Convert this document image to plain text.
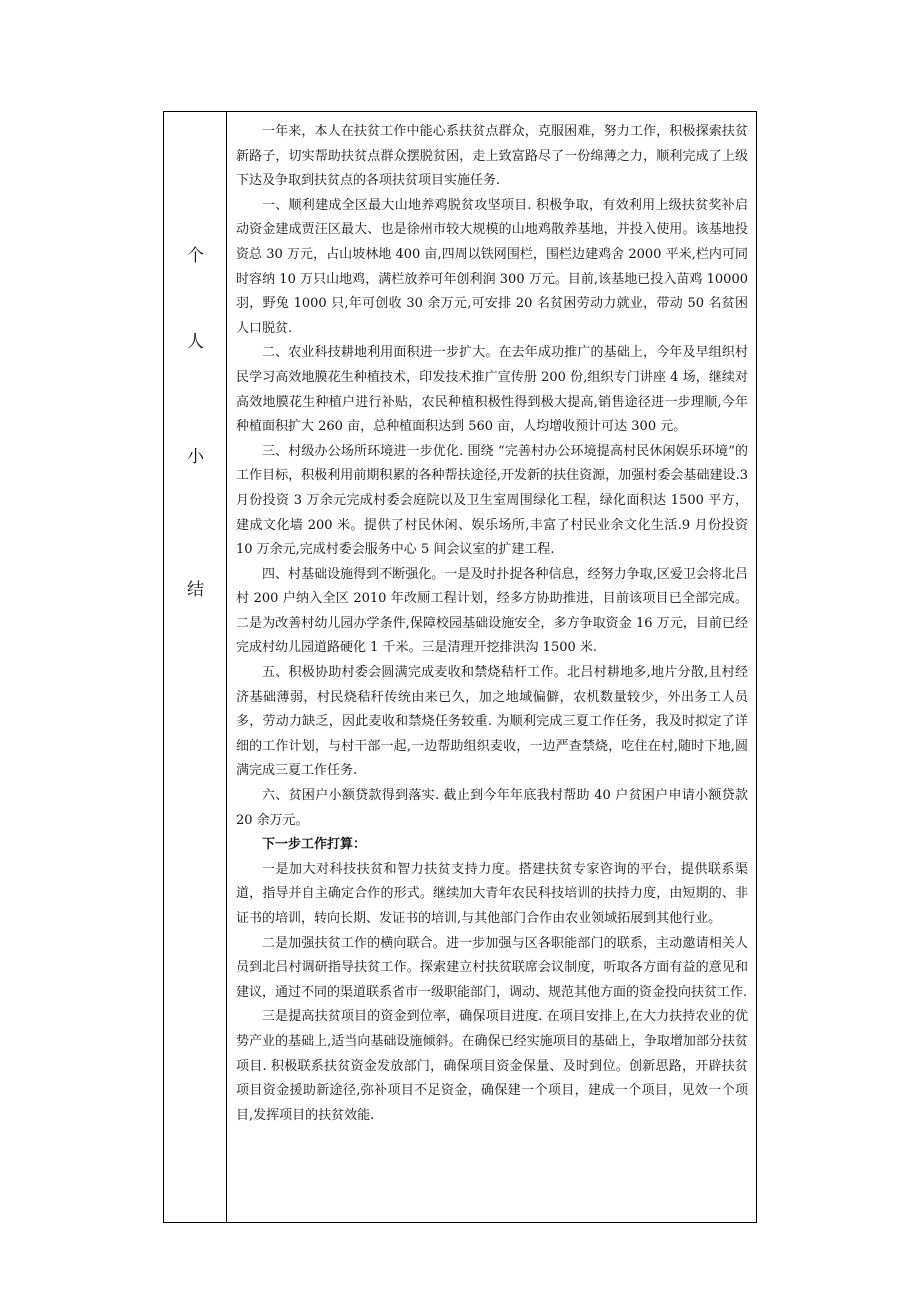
个
人
小
结

一年来，本人在扶贫工作中能心系扶贫点群众，克服困难，努力工作，积极探索扶贫新路子，切实帮助扶贫点群众摆脱贫困，走上致富路尽了一份绵薄之力，顺利完成了上级下达及争取到扶贫点的各项扶贫项目实施任务.

一、顺利建成全区最大山地养鸡脱贫攻坚项目. 积极争取，有效利用上级扶贫奖补启动资金建成贾汪区最大、也是徐州市较大规模的山地鸡散养基地，并投入使用。该基地投资总 30 万元，占山坡林地 400 亩,四周以铁网围栏，围栏边建鸡舍 2000 平米,栏内可同时容纳 10 万只山地鸡，满栏放养可年创利润 300 万元。目前,该基地已投入苗鸡 10000 羽，野兔 1000 只,年可创收 30 余万元,可安排 20 名贫困劳动力就业，带动 50 名贫困人口脱贫.

二、农业科技耕地利用面积进一步扩大。在去年成功推广的基础上，今年及早组织村民学习高效地膜花生种植技术，印发技术推广宣传册 200 份,组织专门讲座 4 场，继续对高效地膜花生种植户进行补贴，农民种植积极性得到极大提高,销售途径进一步理顺,今年种植面积扩大 260 亩，总种植面积达到 560 亩，人均增收预计可达 300 元。

三、村级办公场所环境进一步优化. 围绕 “完善村办公环境提高村民休闲娱乐环境”的工作目标，积极利用前期积累的各种帮扶途径,开发新的扶住资源，加强村委会基础建设.3 月份投资 3 万余元完成村委会庭院以及卫生室周围绿化工程，绿化面积达 1500 平方，建成文化墙 200 米。提供了村民休闲、娱乐场所,丰富了村民业余文化生活.9 月份投资 10 万余元,完成村委会服务中心 5 间会议室的扩建工程.

四、村基础设施得到不断强化。一是及时扑捉各种信息，经努力争取,区爱卫会将北吕村 200 户纳入全区 2010 年改厕工程计划，经多方协助推进，目前该项目已全部完成。二是为改善村幼儿园办学条件,保障校园基础设施安全，多方争取资金 16 万元，目前已经完成村幼儿园道路硬化 1 千米。三是清理开挖排洪沟 1500 米.

五、积极协助村委会圆满完成麦收和禁烧秸杆工作。北吕村耕地多,地片分散,且村经济基础薄弱，村民烧秸秆传统由来已久，加之地域偏僻，农机数量较少，外出务工人员多，劳动力缺乏，因此麦收和禁烧任务较重. 为顺利完成三夏工作任务，我及时拟定了详细的工作计划，与村干部一起,一边帮助组织麦收，一边严查禁烧，吃住在村,随时下地,圆满完成三夏工作任务.

六、贫困户小额贷款得到落实. 截止到今年年底我村帮助 40 户贫困户申请小额贷款 20 余万元。

下一步工作打算：

一是加大对科技扶贫和智力扶贫支持力度。搭建扶贫专家咨询的平台，提供联系渠道，指导并自主确定合作的形式。继续加大青年农民科技培训的扶持力度，由短期的、非证书的培训，转向长期、发证书的培训,与其他部门合作由农业领域拓展到其他行业。

二是加强扶贫工作的横向联合。进一步加强与区各职能部门的联系，主动邀请相关人员到北吕村调研指导扶贫工作。探索建立村扶贫联席会议制度，听取各方面有益的意见和建议，通过不同的渠道联系省市一级职能部门，调动、规范其他方面的资金投向扶贫工作.

三是提高扶贫项目的资金到位率，确保项目进度. 在项目安排上,在大力扶持农业的优势产业的基础上,适当向基础设施倾斜。在确保已经实施项目的基础上，争取增加部分扶贫项目. 积极联系扶贫资金发放部门，确保项目资金保量、及时到位。创新思路，开辟扶贫项目资金援助新途径,弥补项目不足资金，确保建一个项目，建成一个项目，见效一个项目,发挥项目的扶贫效能.
